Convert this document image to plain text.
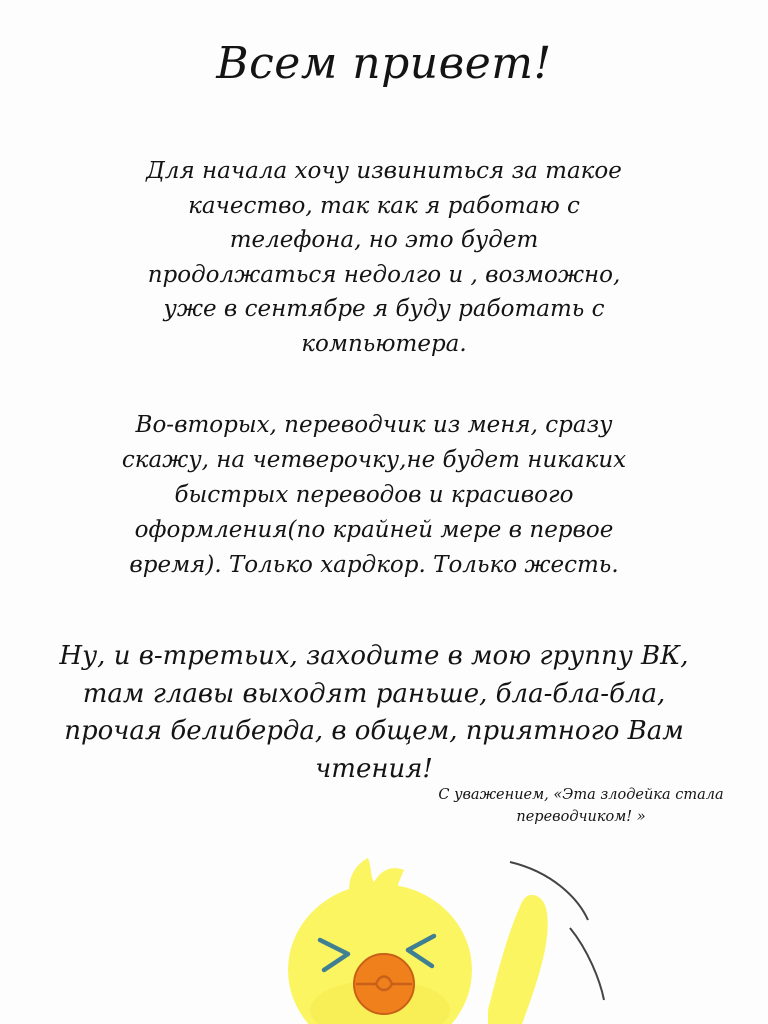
Всем привет!
Для начала хочу извиниться за такое
качество, так как я работаю с
телефона, но это будет
продолжаться недолго и , возможно,
уже в сентябре я буду работать с
компьютера.
Во-вторых, переводчик из меня, сразу
скажу, на четверочку,не будет никаких
быстрых переводов и красивого
оформления(по крайней мере в первое
время). Только хардкор. Только жесть.
Ну, и в-третьих, заходите в мою группу ВК,
там главы выходят раньше, бла-бла-бла,
прочая белиберда, в общем, приятного Вам
чтения!
С уважением, «Эта злодейка стала
переводчиком! »
